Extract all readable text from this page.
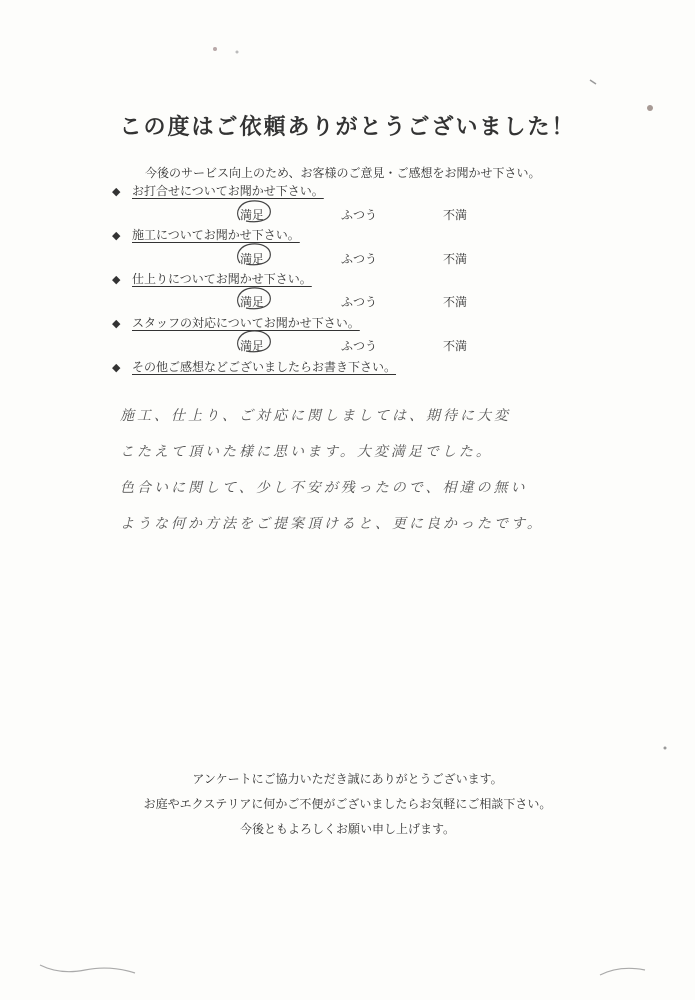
この度はご依頼ありがとうございました！
今後のサービス向上のため、お客様のご意見・ご感想をお聞かせ下さい。
◆ お打合せについてお聞かせ下さい。
満足	ふつう	不満
◆ 施工についてお聞かせ下さい。
満足	ふつう	不満
◆ 仕上りについてお聞かせ下さい。
満足	ふつう	不満
◆ スタッフの対応についてお聞かせ下さい。
満足	ふつう	不満
◆ その他ご感想などございましたらお書き下さい。
施工、仕上り、ご対応に関しましては、期待に大変
こたえて頂いた様に思います。大変満足でした。
色合いに関して、少し不安が残ったので、相違の無い
ような何か方法をご提案頂けると、更に良かったです。
アンケートにご協力いただき誠にありがとうございます。
お庭やエクステリアに何かご不便がございましたらお気軽にご相談下さい。
今後ともよろしくお願い申し上げます。
